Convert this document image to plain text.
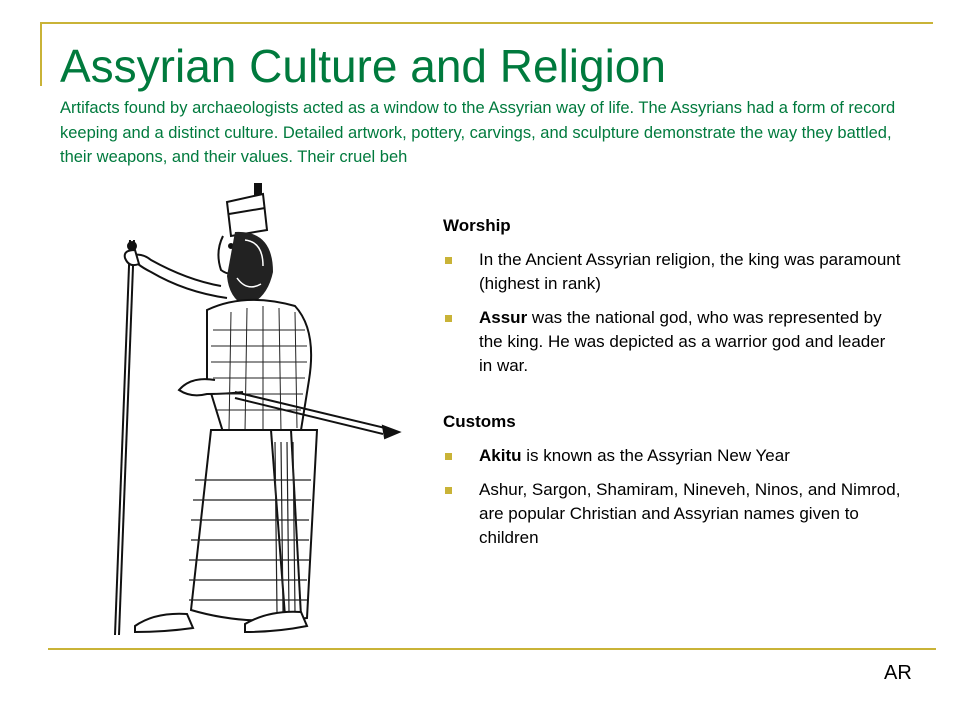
Assyrian Culture and Religion

Artifacts found by archaeologists acted as a window to the Assyrian way of life. The Assyrians had a form of record keeping and a distinct culture. Detailed artwork, pottery, carvings, and sculpture demonstrate the way they battled, their weapons, and their values. Their cruel beh

Worship
In the Ancient Assyrian religion, the king was paramount (highest in rank)
Assur was the national god, who was represented by the king. He was depicted as a warrior god and leader in war.
Customs
Akitu is known as the Assyrian New Year
Ashur, Sargon, Shamiram, Nineveh, Ninos, and Nimrod, are popular Christian and Assyrian names given to children
AR
